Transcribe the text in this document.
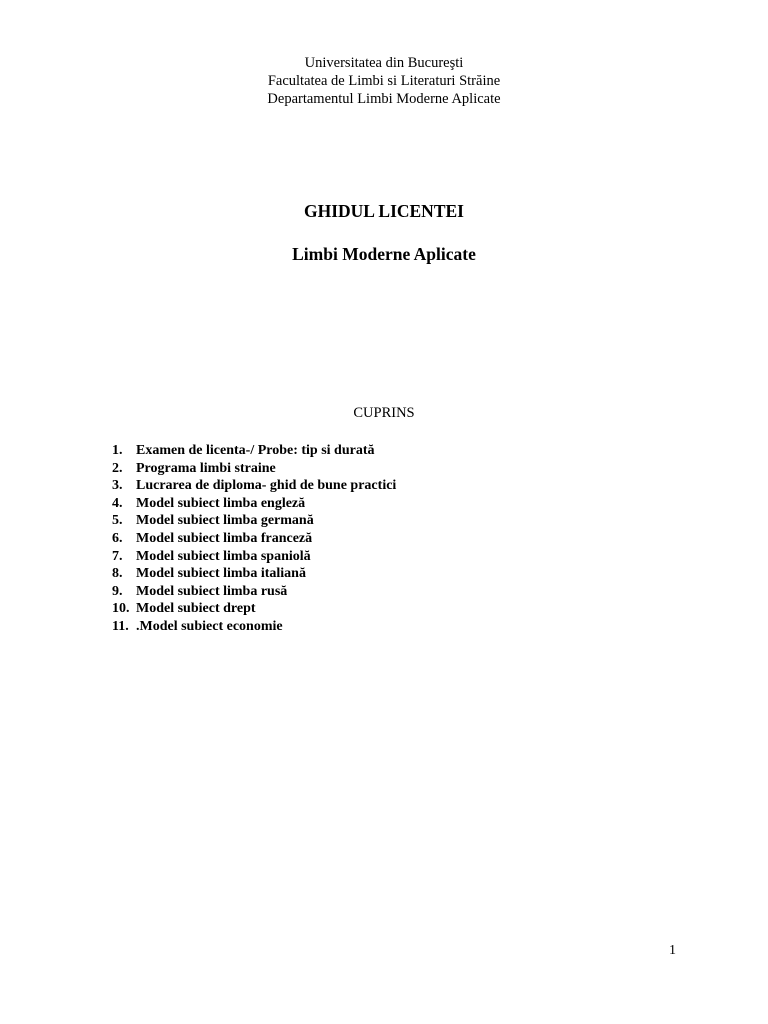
Universitatea din Bucureşti
Facultatea de Limbi si Literaturi Străine
Departamentul Limbi Moderne Aplicate
GHIDUL LICENTEI
Limbi Moderne Aplicate
CUPRINS
1. Examen de licenta-/ Probe: tip si durată
2. Programa limbi straine
3. Lucrarea de diploma- ghid de bune practici
4. Model subiect limba engleză
5. Model subiect limba germană
6. Model subiect limba franceză
7. Model subiect limba spaniolă
8. Model subiect limba italiană
9. Model subiect limba rusă
10. Model subiect drept
11. .Model subiect economie
1
